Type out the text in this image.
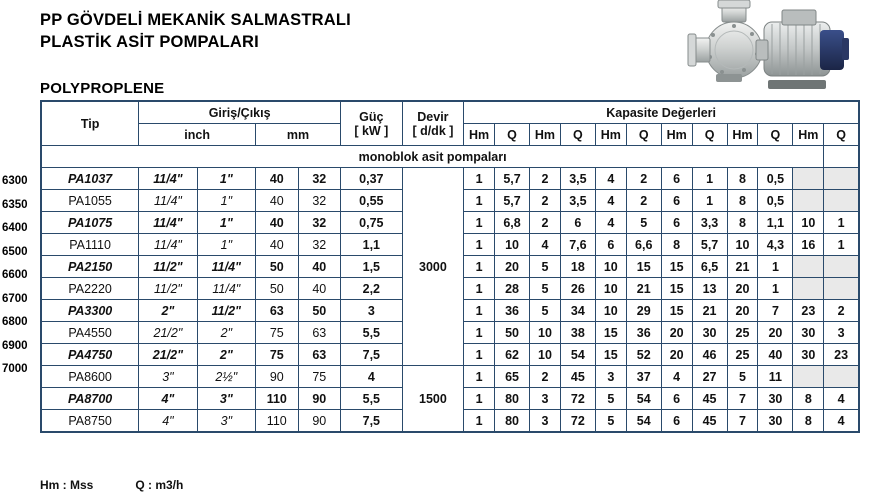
PP GÖVDELİ MEKANİK SALMASTRALI
PLASTİK ASİT POMPALARI
POLYPROPLENE
6300
6350
6400
6500
6600
6700
6800
6900
7000
Tip	Giriş/Çıkış	Güç
[ kW ]

Devir
[ d/dk ]
	Kapasite Değerleri
	inch		mm				Hm	Q	Hm	Q	Hm	Q	Hm	Q	Hm	Q	Hm	Q
monoblok asit pompaları																		
PA1037	11/4"	1"	40	32	0,37	3000	1	5,7	2	3,5	4	2	6	1	8	0,5		
PA1055	11/4"	1"	40	32	0,55		1	5,7	2	3,5	4	2	6	1	8	0,5		
PA1075	11/4"	1"	40	32	0,75		1	6,8	2	6	4	5	6	3,3	8	1,1	10	1
PA1110	11/4"	1"	40	32	1,1		1	10	4	7,6	6	6,6	8	5,7	10	4,3	16	1
PA2150	11/2"	11/4"	50	40	1,5		1	20	5	18	10	15	15	6,5	21	1		
PA2220	11/2"	11/4"	50	40	2,2		1	28	5	26	10	21	15	13	20	1		
PA3300	2"	11/2"	63	50	3		1	36	5	34	10	29	15	21	20	7	23	2
PA4550	21/2"	2"	75	63	5,5		1	50	10	38	15	36	20	30	25	20	30	3
PA4750	21/2"	2"	75	63	7,5		1	62	10	54	15	52	20	46	25	40	30	23
PA8600	3"	2½"	90	75	4	1500	1	65	2	45	3	37	4	27	5	11		
PA8700	4"	3"	110	90	5,5		1	80	3	72	5	54	6	45	7	30	8	4
PA8750	4"	3"	110	90	7,5		1	80	3	72	5	54	6	45	7	30	8	4
Hm : Mss	Q : m3/h
